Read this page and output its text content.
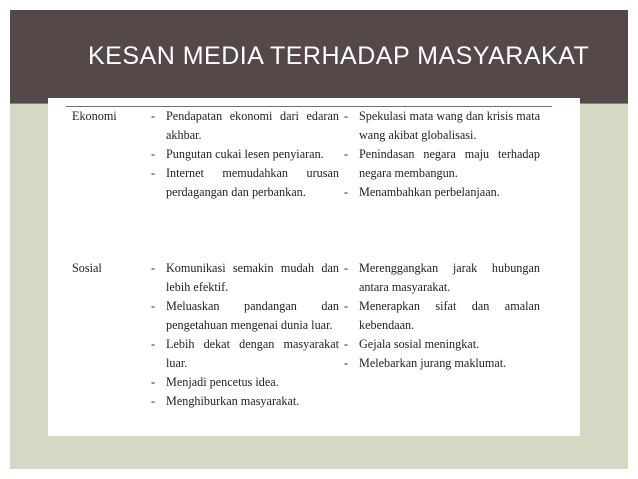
KESAN MEDIA TERHADAP MASYARAKAT
Ekonomi	- Pendapatan ekonomi dari edaran akhbar.

- Pungutan cukai lesen penyiaran.

- Internet memudahkan urusan perdagangan dan perbankan.

- Spekulasi mata wang dan krisis mata wang akibat globalisasi.

- Penindasan negara maju terhadap negara membangun.

- Menambahkan perbelanjaan.

Sosial	- Komunikasi semakin mudah dan lebih efektif.

- Meluaskan pandangan dan pengetahuan mengenai dunia luar.

- Lebih dekat dengan masyarakat luar.

- Menjadi pencetus idea.

- Menghiburkan masyarakat.

- Merenggangkan jarak hubungan antara masyarakat.

- Menerapkan sifat dan amalan kebendaan.

- Gejala sosial meningkat.

- Melebarkan jurang maklumat.
